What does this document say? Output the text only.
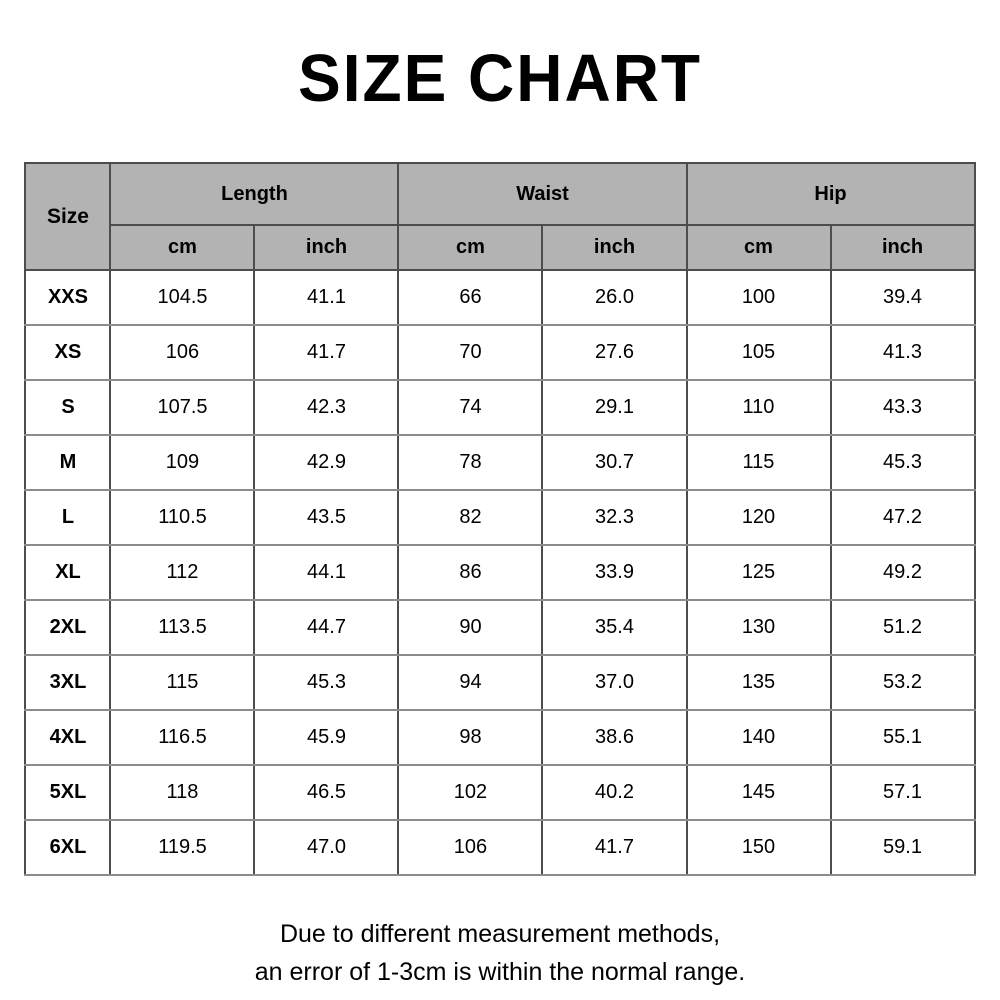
SIZE CHART
Size	Length		Waist		Hip	
	cm	inch	cm	inch	cm	inch
XXS	104.5	41.1	66	26.0	100	39.4
XS	106	41.7	70	27.6	105	41.3
S	107.5	42.3	74	29.1	110	43.3
M	109	42.9	78	30.7	115	45.3
L	110.5	43.5	82	32.3	120	47.2
XL	112	44.1	86	33.9	125	49.2
2XL	113.5	44.7	90	35.4	130	51.2
3XL	115	45.3	94	37.0	135	53.2
4XL	116.5	45.9	98	38.6	140	55.1
5XL	118	46.5	102	40.2	145	57.1
6XL	119.5	47.0	106	41.7	150	59.1

Due to different measurement methods,
an error of 1-3cm is within the normal range.
